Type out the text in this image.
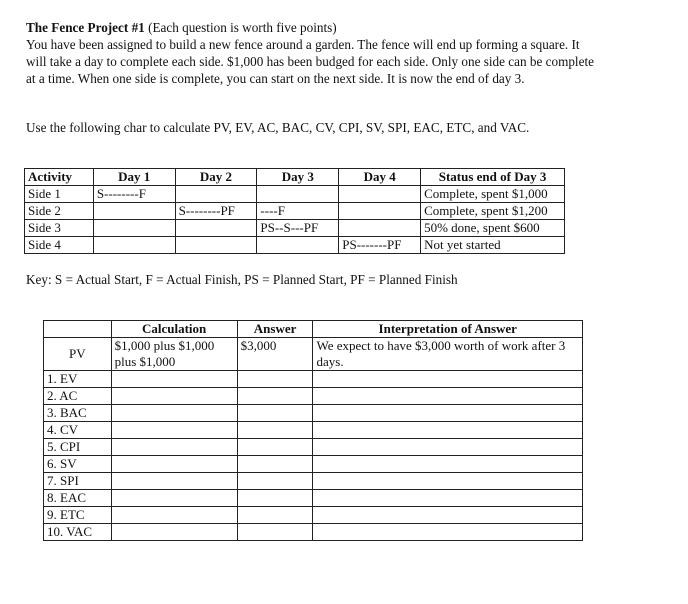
The Fence Project #1 (Each question is worth five points)
You have been assigned to build a new fence around a garden. The fence will end up forming a square. It will take a day to complete each side. $1,000 has been budged for each side. Only one side can be complete at a time. When one side is complete, you can start on the next side. It is now the end of day 3.

Use the following char to calculate PV, EV, AC, BAC, CV, CPI, SV, SPI, EAC, ETC, and VAC.

Activity	Day 1	Day 2	Day 3	Day 4	Status end of Day 3
Side 1	S--------F				Complete, spent $1,000
Side 2		S--------PF	----F		Complete, spent $1,200
Side 3			PS--S---PF		50% done, spent $600
Side 4				PS-------PF	Not yet started

Key: S = Actual Start, F = Actual Finish, PS = Planned Start, PF = Planned Finish

	Calculation	Answer	Interpretation of Answer
PV	$1,000 plus $1,000 plus $1,000	$3,000	We expect to have $3,000 worth of work after 3 days.
1. EV			
2. AC			
3. BAC			
4. CV			
5. CPI			
6. SV			
7. SPI			
8. EAC			
9. ETC			
10. VAC			
